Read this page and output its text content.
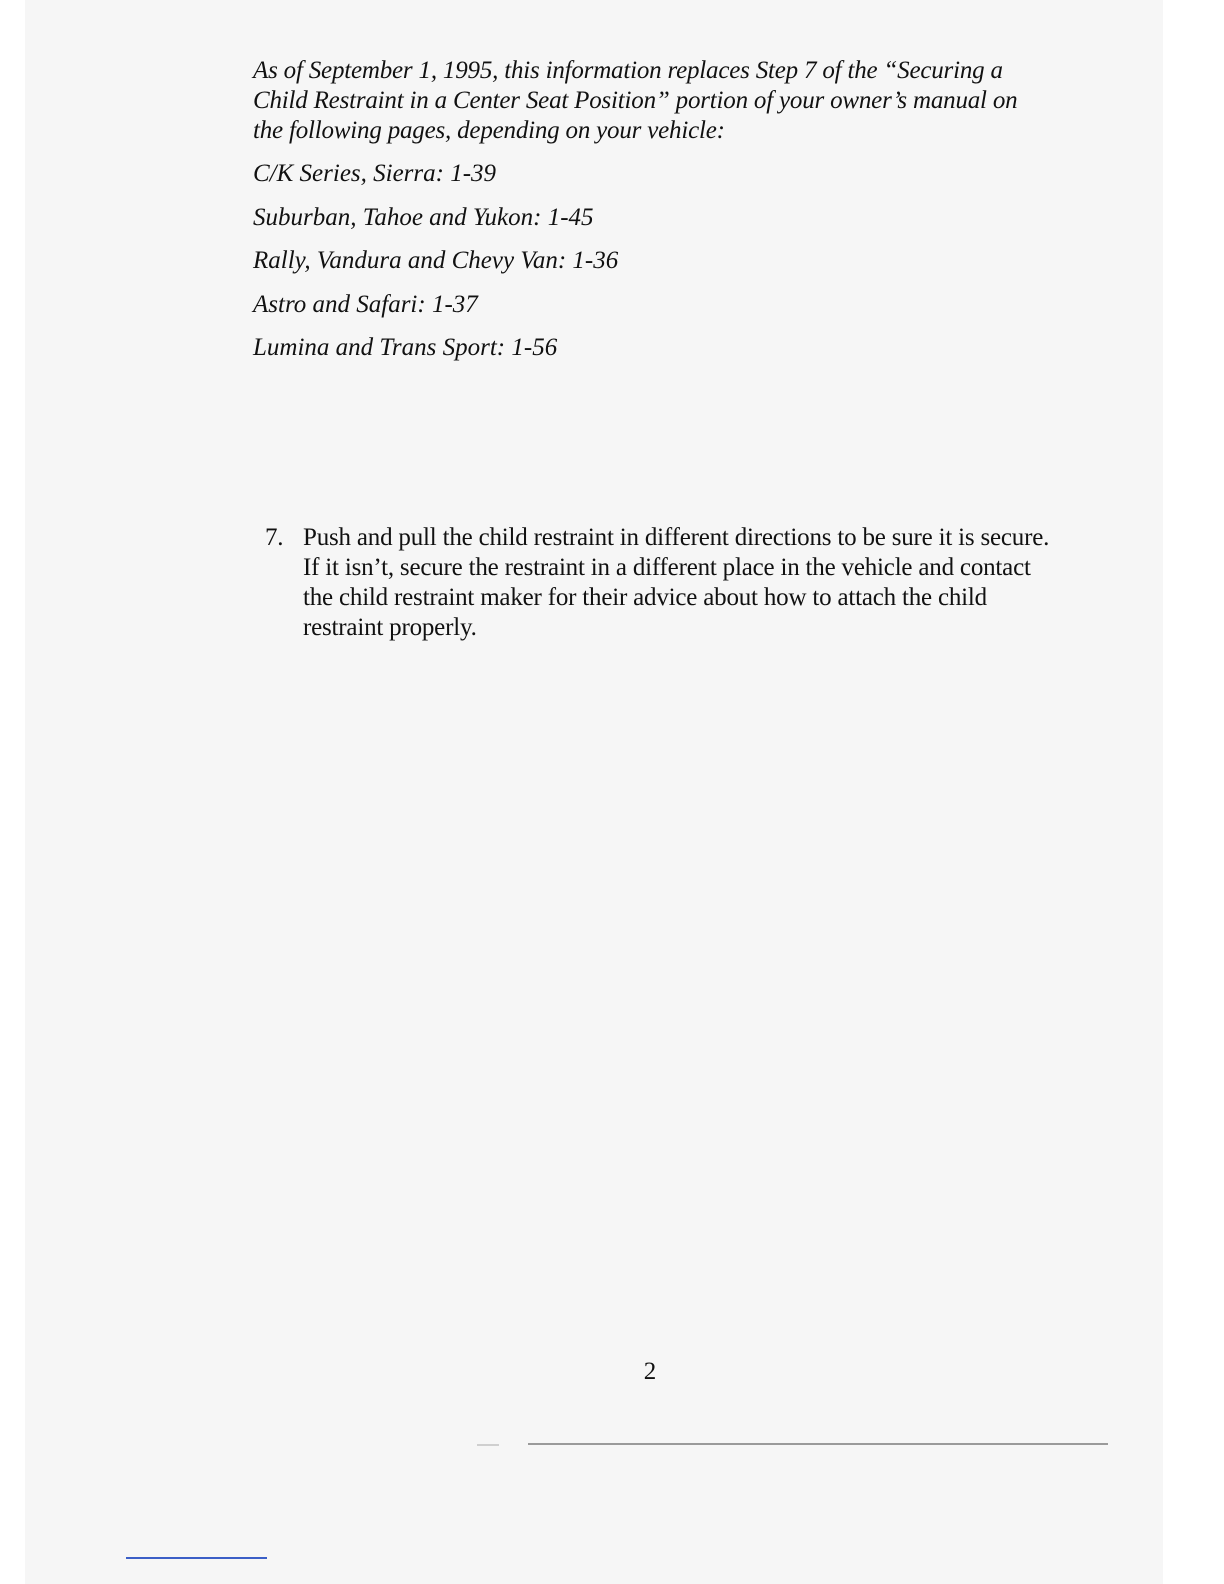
As of September 1, 1995, this information replaces Step 7 of the “Securing a Child Restraint in a Center Seat Position” portion of your owner’s manual on the following pages, depending on your vehicle:

C/K Series, Sierra: 1-39
Suburban, Tahoe and Yukon: 1-45
Rally, Vandura and Chevy Van: 1-36
Astro and Safari: 1-37
Lumina and Trans Sport: 1-56
7. Push and pull the child restraint in different directions to be sure it is secure. If it isn’t, secure the restraint in a different place in the vehicle and contact the child restraint maker for their advice about how to attach the child restraint properly.
2
